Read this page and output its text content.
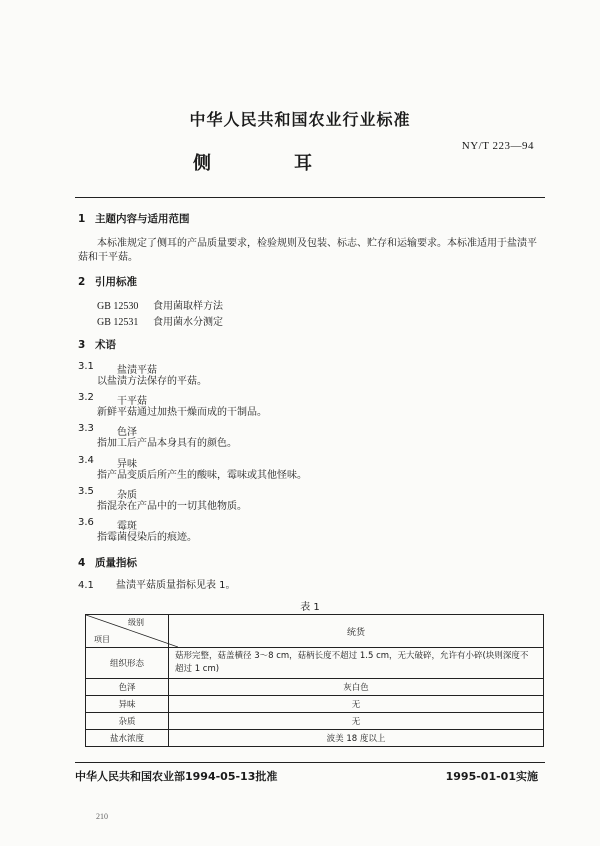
中华人民共和国农业行业标准
NY/T 223—94
侧	耳
1 主题内容与适用范围
本标准规定了侧耳的产品质量要求，检验规则及包装、标志、贮存和运输要求。本标准适用于盐渍平
菇和干平菇。
2 引用标准
GB 12530 食用菌取样方法
GB 12531 食用菌水分测定
3 术语
3.1 盐渍平菇
以盐渍方法保存的平菇。
3.2 干平菇
新鲜平菇通过加热干燥而成的干制品。
3.3 色泽
指加工后产品本身具有的颜色。
3.4 异味
指产品变质后所产生的酸味，霉味或其他怪味。
3.5 杂质
指混杂在产品中的一切其他物质。
3.6 霉斑
指霉菌侵染后的痕迹。
4 质量指标
4.1 盐渍平菇质量指标见表 1。
表 1
级别
项目	统货
组织形态	菇形完整，菇盖横径 3～8 cm，菇柄长度不超过 1.5 cm，无大破碎，允许有小碎(块则深度不
超过 1 cm)

色泽	灰白色
异味	无
杂质	无
盐水浓度	波美 18 度以上
中华人民共和国农业部1994-05-13批准	1995-01-01实施
210
